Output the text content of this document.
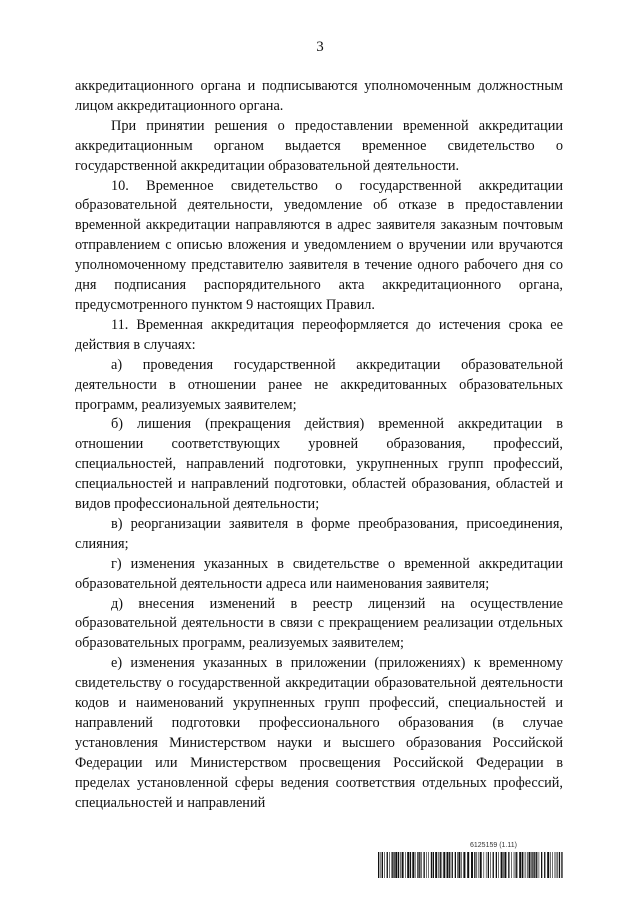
3

аккредитационного органа и подписываются уполномоченным должностным лицом аккредитационного органа.

При принятии решения о предоставлении временной аккредитации аккредитационным органом выдается временное свидетельство о государственной аккредитации образовательной деятельности.

10. Временное свидетельство о государственной аккредитации образовательной деятельности, уведомление об отказе в предоставлении временной аккредитации направляются в адрес заявителя заказным почтовым отправлением с описью вложения и уведомлением о вручении или вручаются уполномоченному представителю заявителя в течение одного рабочего дня со дня подписания распорядительного акта аккредитационного органа, предусмотренного пунктом 9 настоящих Правил.

11. Временная аккредитация переоформляется до истечения срока ее действия в случаях:

а) проведения государственной аккредитации образовательной деятельности в отношении ранее не аккредитованных образовательных программ, реализуемых заявителем;

б) лишения (прекращения действия) временной аккредитации в отношении соответствующих уровней образования, профессий, специальностей, направлений подготовки, укрупненных групп профессий, специальностей и направлений подготовки, областей образования, областей и видов профессиональной деятельности;

в) реорганизации заявителя в форме преобразования, присоединения, слияния;

г) изменения указанных в свидетельстве о временной аккредитации образовательной деятельности адреса или наименования заявителя;

д) внесения изменений в реестр лицензий на осуществление образовательной деятельности в связи с прекращением реализации отдельных образовательных программ, реализуемых заявителем;

е) изменения указанных в приложении (приложениях) к временному свидетельству о государственной аккредитации образовательной деятельности кодов и наименований укрупненных групп профессий, специальностей и направлений подготовки профессионального образования (в случае установления Министерством науки и высшего образования Российской Федерации или Министерством просвещения Российской Федерации в пределах установленной сферы ведения соответствия отдельных профессий, специальностей и направлений

6125159 (1.11)
